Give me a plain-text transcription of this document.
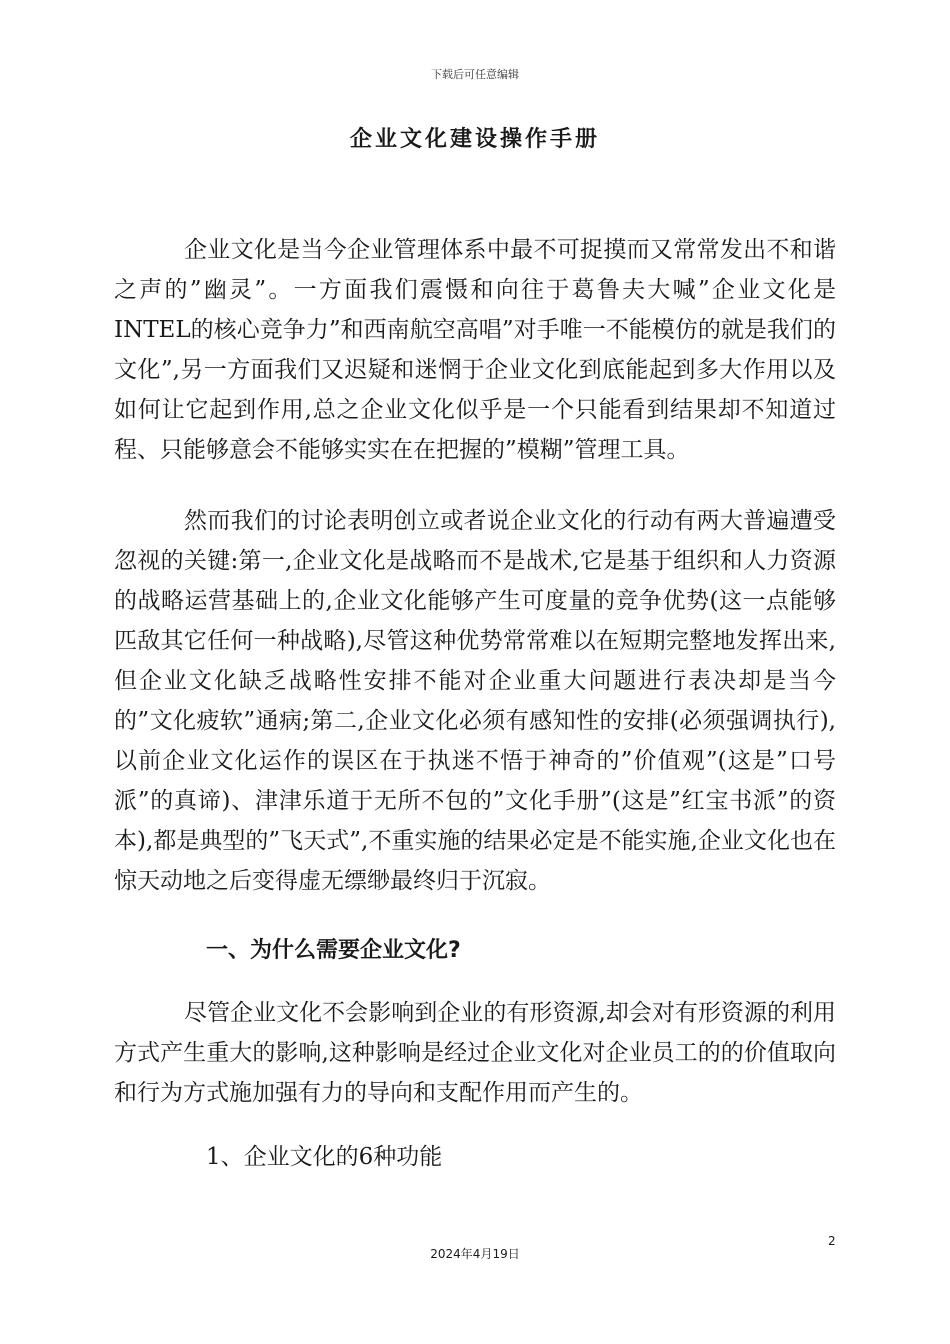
下载后可任意编辑
企业文化建设操作手册

企业文化是当今企业管理体系中最不可捉摸而又常常发出不和谐之声的”幽灵”。一方面我们震慑和向往于葛鲁夫大喊”企业文化是INTEL的核心竞争力”和西南航空高唱”对手唯一不能模仿的就是我们的文化”,另一方面我们又迟疑和迷惘于企业文化到底能起到多大作用以及如何让它起到作用,总之企业文化似乎是一个只能看到结果却不知道过程、只能够意会不能够实实在在把握的”模糊”管理工具。

然而我们的讨论表明创立或者说企业文化的行动有两大普遍遭受忽视的关键:第一,企业文化是战略而不是战术,它是基于组织和人力资源的战略运营基础上的,企业文化能够产生可度量的竞争优势(这一点能够匹敌其它任何一种战略),尽管这种优势常常难以在短期完整地发挥出来,但企业文化缺乏战略性安排不能对企业重大问题进行表决却是当今的”文化疲软”通病;第二,企业文化必须有感知性的安排(必须强调执行),以前企业文化运作的误区在于执迷不悟于神奇的”价值观”(这是”口号派”的真谛)、津津乐道于无所不包的”文化手册”(这是”红宝书派”的资本),都是典型的”飞天式”,不重实施的结果必定是不能实施,企业文化也在惊天动地之后变得虚无缥缈最终归于沉寂。

一、为什么需要企业文化?

尽管企业文化不会影响到企业的有形资源,却会对有形资源的利用方式产生重大的影响,这种影响是经过企业文化对企业员工的的价值取向和行为方式施加强有力的导向和支配作用而产生的。

1、企业文化的6种功能

2
2024年4月19日
